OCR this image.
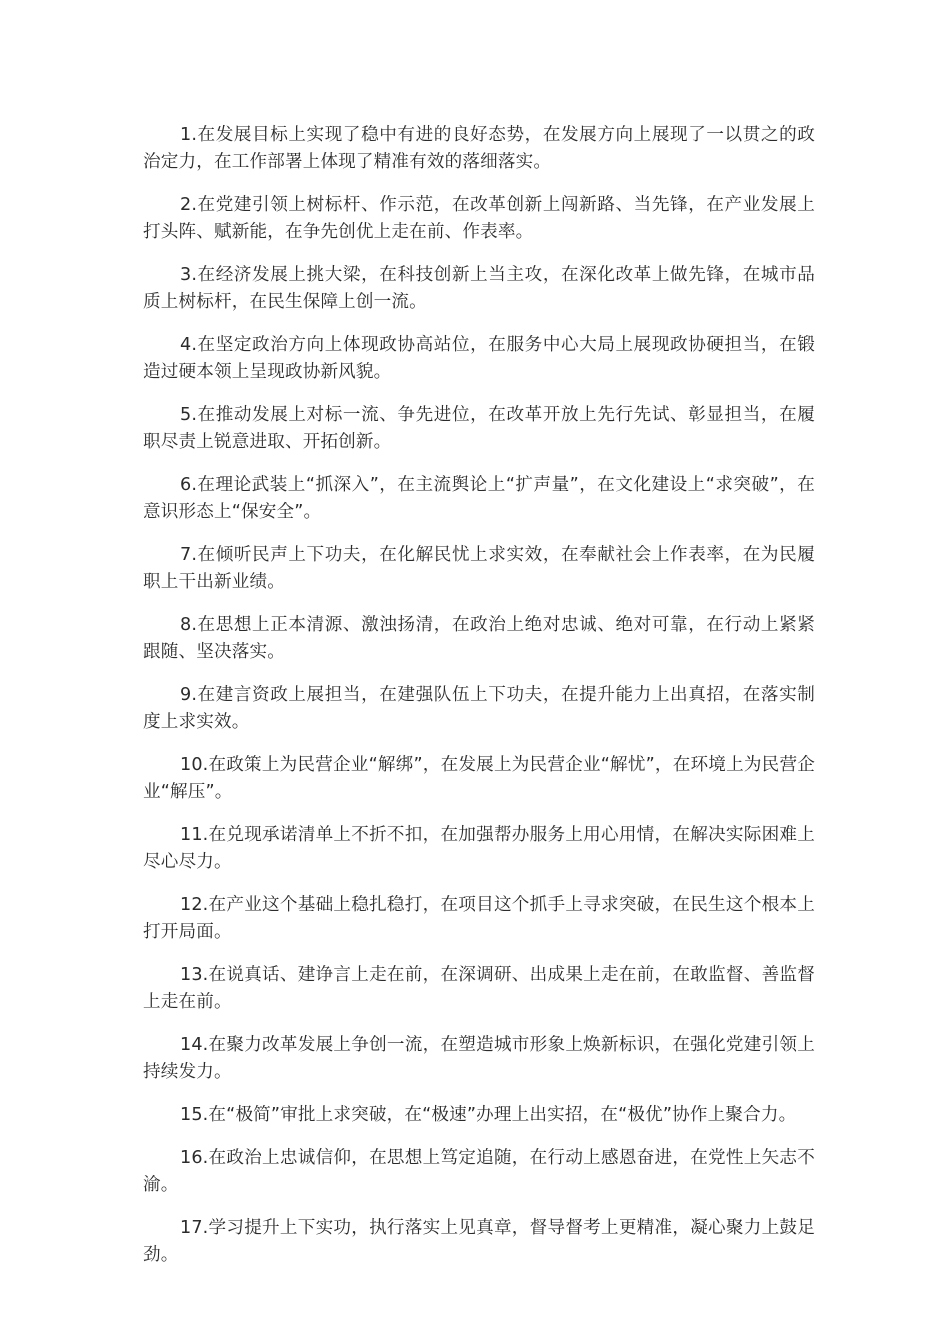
1.在发展目标上实现了稳中有进的良好态势，在发展方向上展现了一以贯之的政治定力，在工作部署上体现了精准有效的落细落实。

2.在党建引领上树标杆、作示范，在改革创新上闯新路、当先锋，在产业发展上打头阵、赋新能，在争先创优上走在前、作表率。

3.在经济发展上挑大梁，在科技创新上当主攻，在深化改革上做先锋，在城市品质上树标杆，在民生保障上创一流。

4.在坚定政治方向上体现政协高站位，在服务中心大局上展现政协硬担当，在锻造过硬本领上呈现政协新风貌。

5.在推动发展上对标一流、争先进位，在改革开放上先行先试、彰显担当，在履职尽责上锐意进取、开拓创新。

6.在理论武装上“抓深入”，在主流舆论上“扩声量”，在文化建设上“求突破”，在意识形态上“保安全”。

7.在倾听民声上下功夫，在化解民忧上求实效，在奉献社会上作表率，在为民履职上干出新业绩。

8.在思想上正本清源、激浊扬清，在政治上绝对忠诚、绝对可靠，在行动上紧紧跟随、坚决落实。

9.在建言资政上展担当，在建强队伍上下功夫，在提升能力上出真招，在落实制度上求实效。

10.在政策上为民营企业“解绑”，在发展上为民营企业“解忧”，在环境上为民营企业“解压”。

11.在兑现承诺清单上不折不扣，在加强帮办服务上用心用情，在解决实际困难上尽心尽力。

12.在产业这个基础上稳扎稳打，在项目这个抓手上寻求突破，在民生这个根本上打开局面。

13.在说真话、建诤言上走在前，在深调研、出成果上走在前，在敢监督、善监督上走在前。

14.在聚力改革发展上争创一流，在塑造城市形象上焕新标识，在强化党建引领上持续发力。

15.在“极简”审批上求突破，在“极速”办理上出实招，在“极优”协作上聚合力。

16.在政治上忠诚信仰，在思想上笃定追随，在行动上感恩奋进，在党性上矢志不渝。

17.学习提升上下实功，执行落实上见真章，督导督考上更精准，凝心聚力上鼓足劲。
